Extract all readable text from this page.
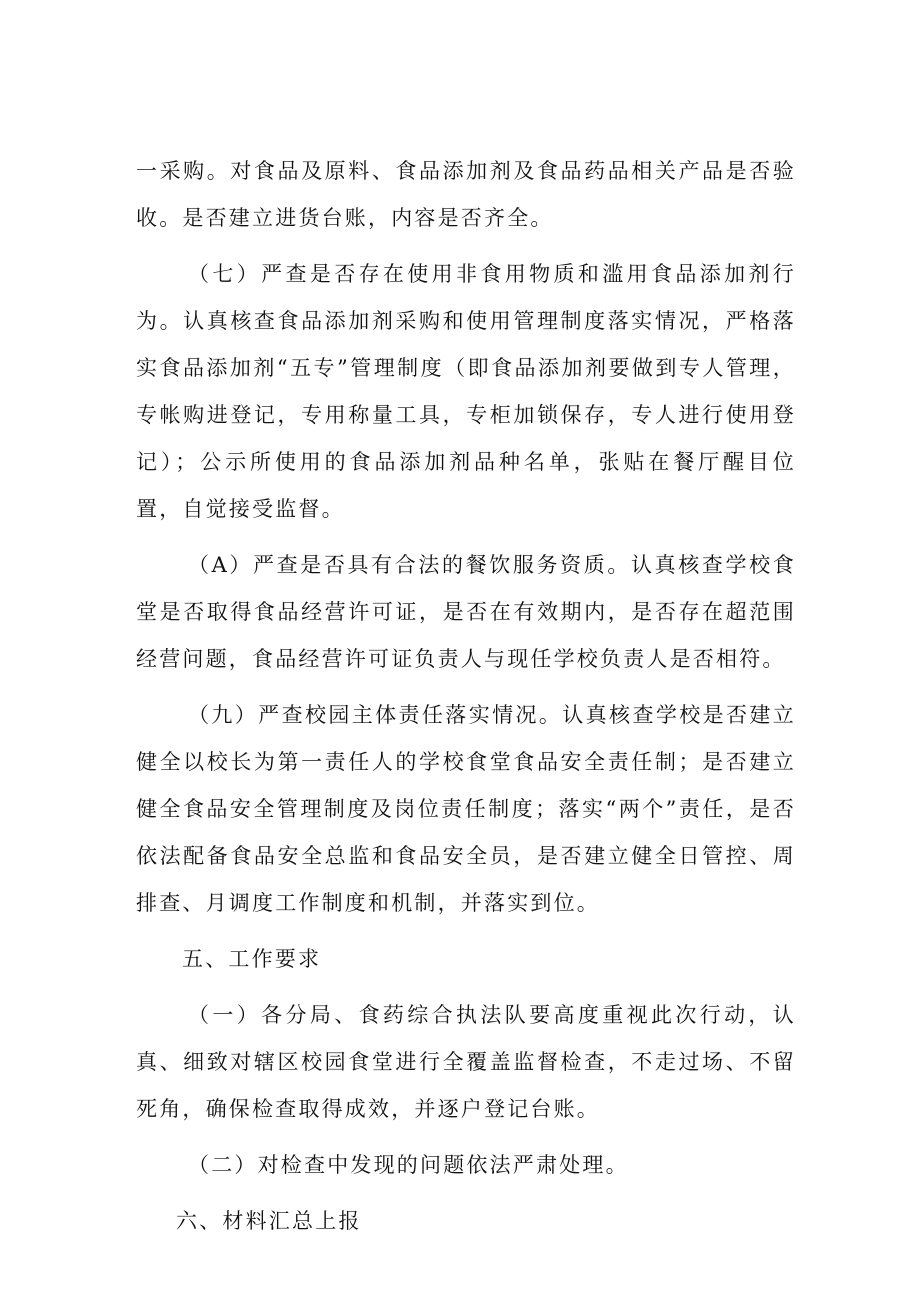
一采购。对食品及原料、食品添加剂及食品药品相关产品是否验收。是否建立进货台账，内容是否齐全。

（七）严查是否存在使用非食用物质和滥用食品添加剂行为。认真核查食品添加剂采购和使用管理制度落实情况，严格落实食品添加剂“五专”管理制度（即食品添加剂要做到专人管理，专帐购进登记，专用称量工具，专柜加锁保存，专人进行使用登记）；公示所使用的食品添加剂品种名单，张贴在餐厅醒目位置，自觉接受监督。

（A）严查是否具有合法的餐饮服务资质。认真核查学校食堂是否取得食品经营许可证，是否在有效期内，是否存在超范围经营问题，食品经营许可证负责人与现任学校负责人是否相符。

（九）严查校园主体责任落实情况。认真核查学校是否建立健全以校长为第一责任人的学校食堂食品安全责任制；是否建立健全食品安全管理制度及岗位责任制度；落实“两个”责任，是否依法配备食品安全总监和食品安全员，是否建立健全日管控、周排查、月调度工作制度和机制，并落实到位。

五、工作要求

（一）各分局、食药综合执法队要高度重视此次行动，认真、细致对辖区校园食堂进行全覆盖监督检查，不走过场、不留死角，确保检查取得成效，并逐户登记台账。

（二）对检查中发现的问题依法严肃处理。

六、材料汇总上报
